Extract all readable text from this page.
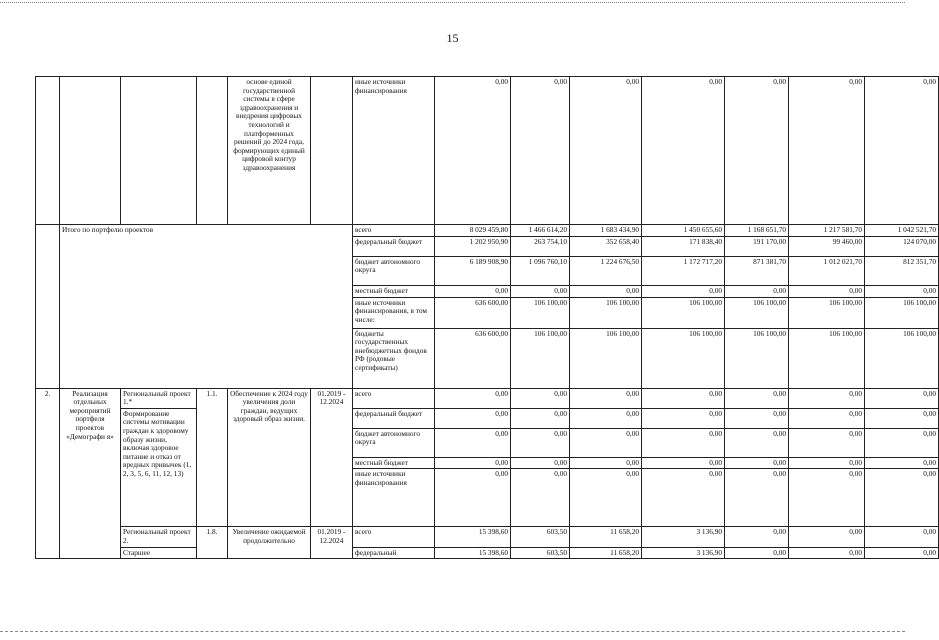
15
				основе единой государственной системы в сфере здравоохранения и внедрения цифровых технологий и платформенных решений до 2024 года, формирующих единый цифровой контур здравоохранения		иные источники финансирования	0,00	0,00	0,00	0,00	0,00	0,00	0,00
	Итого по портфелю проектов					всего	8 029 459,80	1 466 614,20	1 683 434,90	1 450 655,60	1 168 651,70	1 217 581,70	1 042 521,70
						федеральный бюджет	1 202 950,90	263 754,10	352 658,40	171 838,40	191 170,00	99 460,00	124 070,00
						бюджет автономного округа	6 189 908,90	1 096 760,10	1 224 676,50	1 172 717,20	871 381,70	1 012 021,70	812 351,70
						местный бюджет	0,00	0,00	0,00	0,00	0,00	0,00	0,00
						иные источники финансирования, в том числе:	636 600,00	106 100,00	106 100,00	106 100,00	106 100,00	106 100,00	106 100,00
						бюджеты государственных внебюджетных фондов РФ (родовые сертификаты)	636 600,00	106 100,00	106 100,00	106 100,00	106 100,00	106 100,00	106 100,00
2.	Реализация отдельных мероприятий портфеля проектов «Демографи я»	Региональный проект 1.*	1.1.	Обеспечение к 2024 году увеличения доли граждан, ведущих здоровый образ жизни.	01.2019 - 12.2024	всего	0,00	0,00	0,00	0,00	0,00	0,00	0,00
		Формирование системы мотивации граждан к здоровому образу жизни, включая здоровое питание и отказ от вредных привычек (1, 2, 3, 5, 6, 11, 12, 13)				федеральный бюджет	0,00	0,00	0,00	0,00	0,00	0,00	0,00
						бюджет автономного округа	0,00	0,00	0,00	0,00	0,00	0,00	0,00
						местный бюджет	0,00	0,00	0,00	0,00	0,00	0,00	0,00
						иные источники финансирования	0,00	0,00	0,00	0,00	0,00	0,00	0,00
		Региональный проект 2.	1.8.	Увеличение ожидаемой продолжительно	01.2019 - 12.2024	всего	15 398,60	603,50	11 658,20	3 136,90	0,00	0,00	0,00
		Старшее				федеральный	15 398,60	603,50	11 658,20	3 136,90	0,00	0,00	0,00
